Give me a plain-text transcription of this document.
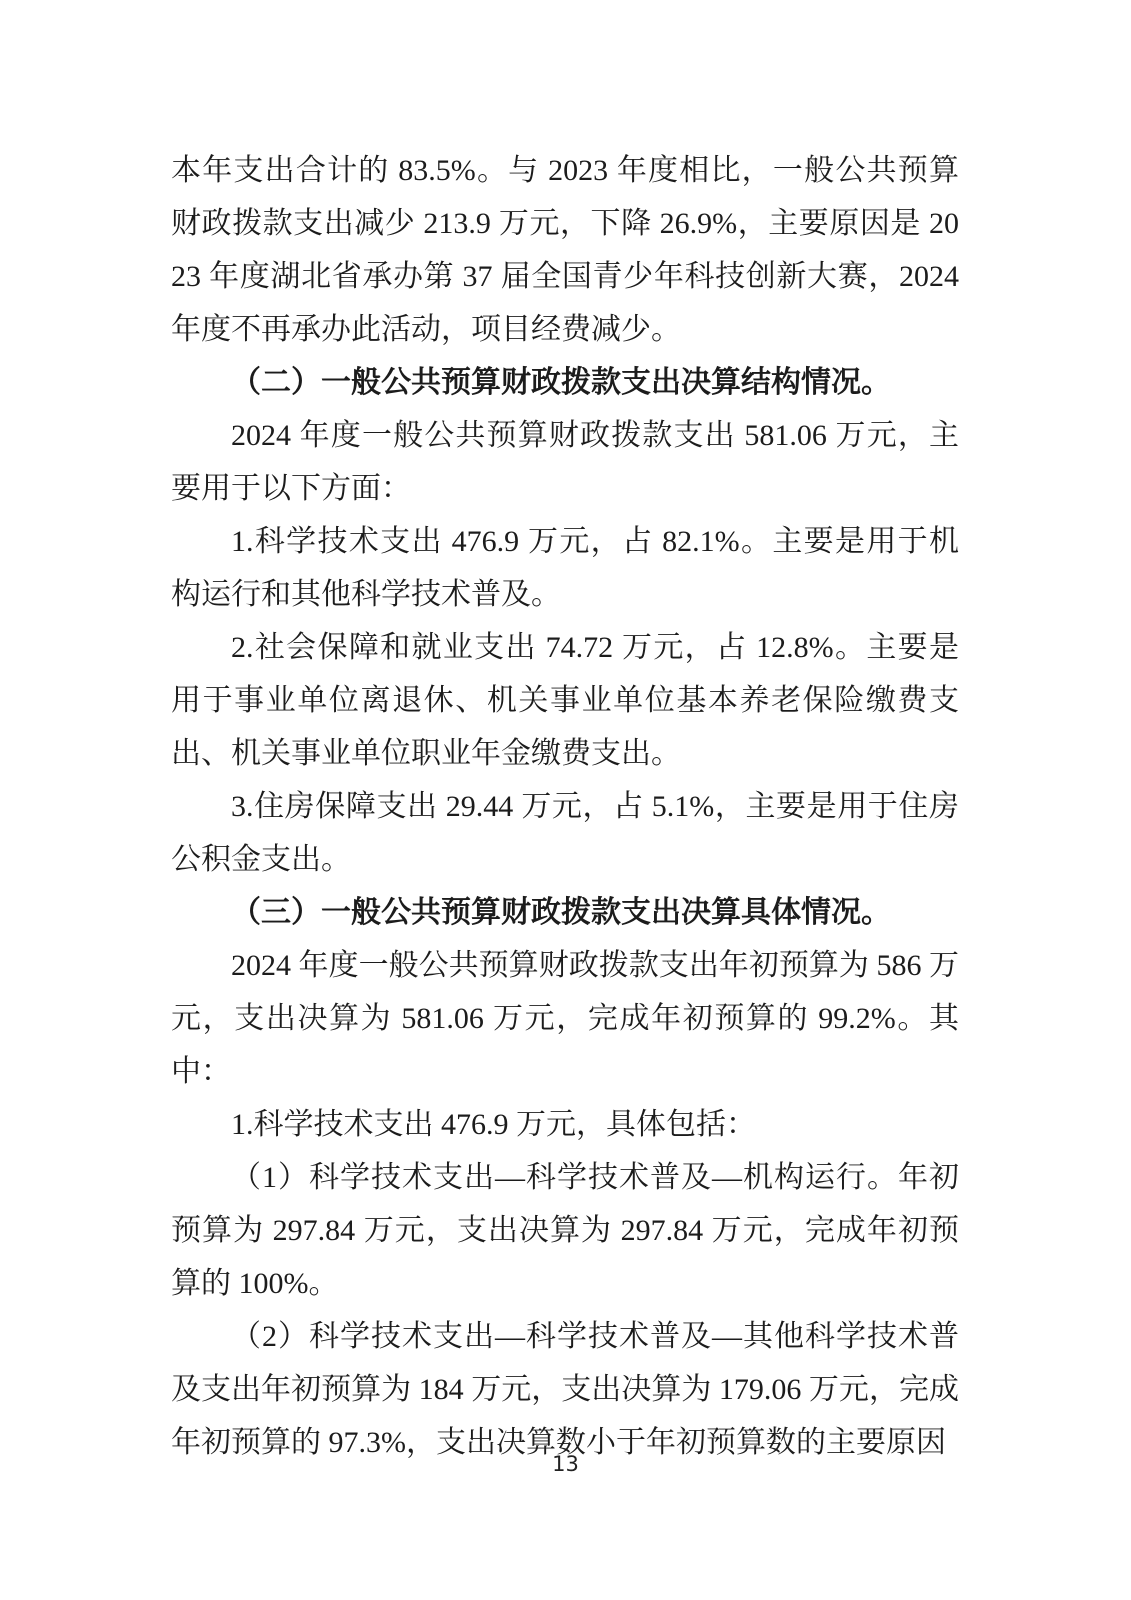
本年支出合计的 83.5%。与 2023 年度相比，一般公共预算财政拨款支出减少 213.9 万元，下降 26.9%，主要原因是 2023 年度湖北省承办第 37 届全国青少年科技创新大赛，2024 年度不再承办此活动，项目经费减少。

（二）一般公共预算财政拨款支出决算结构情况。

2024 年度一般公共预算财政拨款支出 581.06 万元，主要用于以下方面：

1.科学技术支出 476.9 万元，占 82.1%。主要是用于机构运行和其他科学技术普及。

2.社会保障和就业支出 74.72 万元，占 12.8%。主要是用于事业单位离退休、机关事业单位基本养老保险缴费支出、机关事业单位职业年金缴费支出。

3.住房保障支出 29.44 万元，占 5.1%，主要是用于住房公积金支出。

（三）一般公共预算财政拨款支出决算具体情况。

2024 年度一般公共预算财政拨款支出年初预算为 586 万元，支出决算为 581.06 万元，完成年初预算的 99.2%。其中：

1.科学技术支出 476.9 万元，具体包括：

（1）科学技术支出—科学技术普及—机构运行。年初预算为 297.84 万元，支出决算为 297.84 万元，完成年初预算的 100%。

（2）科学技术支出—科学技术普及—其他科学技术普及支出年初预算为 184 万元，支出决算为 179.06 万元，完成年初预算的 97.3%，支出决算数小于年初预算数的主要原因

13
